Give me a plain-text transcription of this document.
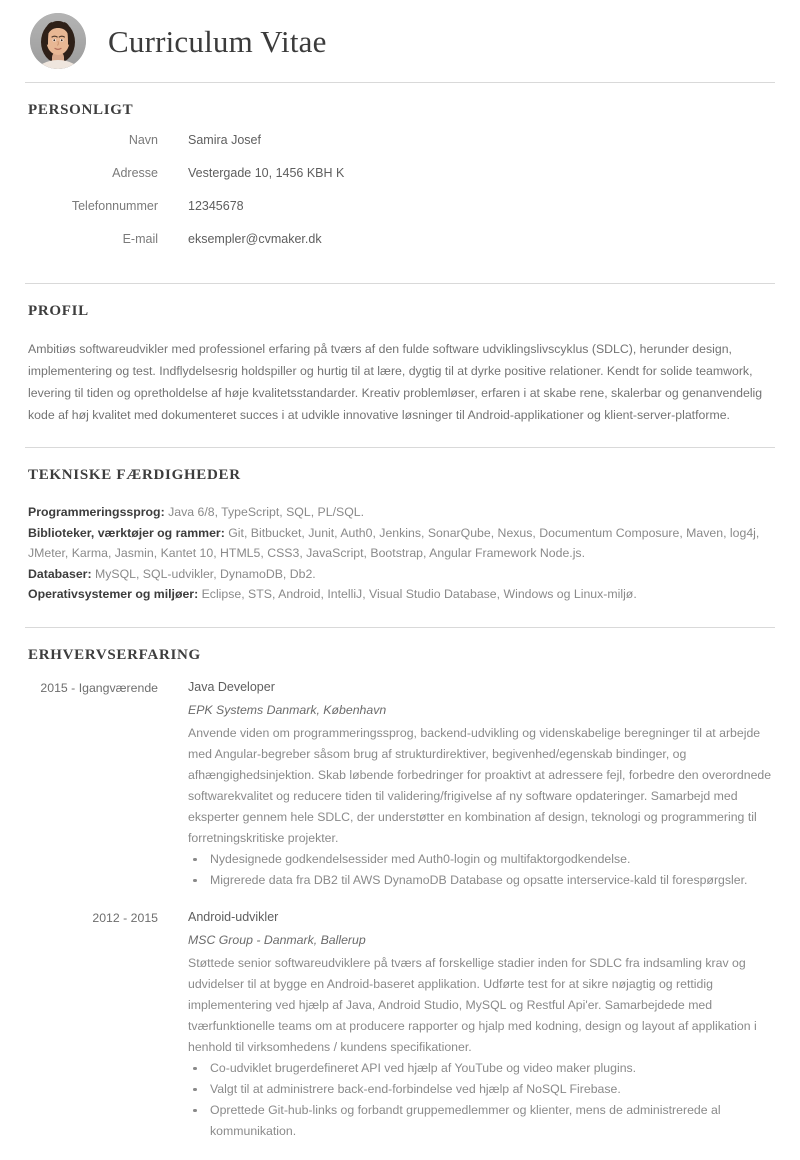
Curriculum Vitae
PERSONLIGT
Navn Samira Josef
Adresse Vestergade 10, 1456 KBH K
Telefonnummer 12345678
E-mail eksempler@cvmaker.dk
PROFIL
Ambitiøs softwareudvikler med professionel erfaring på tværs af den fulde software udviklingslivscyklus (SDLC), herunder design, implementering og test. Indflydelsesrig holdspiller og hurtig til at lære, dygtig til at dyrke positive relationer. Kendt for solide teamwork, levering til tiden og opretholdelse af høje kvalitetsstandarder. Kreativ problemløser, erfaren i at skabe rene, skalerbar og genanvendelig kode af høj kvalitet med dokumenteret succes i at udvikle innovative løsninger til Android-applikationer og klient-server-platforme.
TEKNISKE FÆRDIGHEDER
Programmeringssprog: Java 6/8, TypeScript, SQL, PL/SQL.
Biblioteker, værktøjer og rammer: Git, Bitbucket, Junit, Auth0, Jenkins, SonarQube, Nexus, Documentum Composure, Maven, log4j, JMeter, Karma, Jasmin, Kantet 10, HTML5, CSS3, JavaScript, Bootstrap, Angular Framework Node.js.
Databaser: MySQL, SQL-udvikler, DynamoDB, Db2.
Operativsystemer og miljøer: Eclipse, STS, Android, IntelliJ, Visual Studio Database, Windows og Linux-miljø.
ERHVERVSERFARING
2015 - Igangværende Java Developer
EPK Systems Danmark, København
Anvende viden om programmeringssprog, backend-udvikling og videnskabelige beregninger til at arbejde med Angular-begreber såsom brug af strukturdirektiver, begivenhed/egenskab bindinger, og afhængighedsinjektion. Skab løbende forbedringer for proaktivt at adressere fejl, forbedre den overordnede softwarekvalitet og reducere tiden til validering/frigivelse af ny software opdateringer. Samarbejd med eksperter gennem hele SDLC, der understøtter en kombination af design, teknologi og programmering til forretningskritiske projekter.
Nydesignede godkendelsessider med Auth0-login og multifaktorgodkendelse.
Migrerede data fra DB2 til AWS DynamoDB Database og opsatte interservice-kald til forespørgsler.
2012 - 2015 Android-udvikler
MSC Group - Danmark, Ballerup
Støttede senior softwareudviklere på tværs af forskellige stadier inden for SDLC fra indsamling krav og udvidelser til at bygge en Android-baseret applikation. Udførte test for at sikre nøjagtig og rettidig implementering ved hjælp af Java, Android Studio, MySQL og Restful Api'er. Samarbejdede med tværfunktionelle teams om at producere rapporter og hjalp med kodning, design og layout af applikation i henhold til virksomhedens / kundens specifikationer.
Co-udviklet brugerdefineret API ved hjælp af YouTube og video maker plugins.
Valgt til at administrere back-end-forbindelse ved hjælp af NoSQL Firebase.
Oprettede Git-hub-links og forbandt gruppemedlemmer og klienter, mens de administrerede al kommunikation.
